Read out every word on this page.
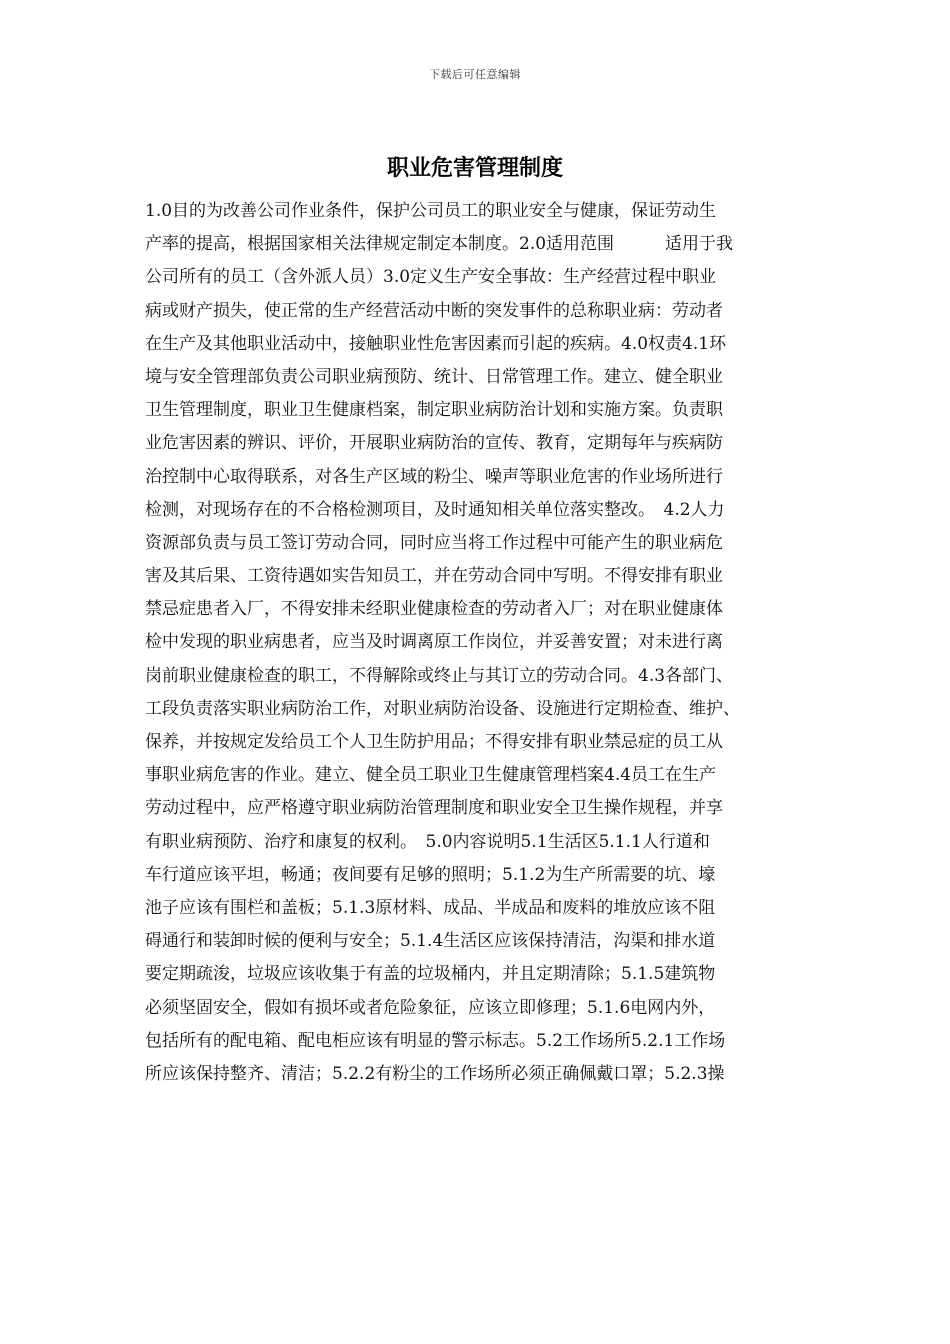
下载后可任意编辑
职业危害管理制度
1.0目的为改善公司作业条件，保护公司员工的职业安全与健康，保证劳动生
产率的提高，根据国家相关法律规定制定本制度。2.0适用范围　　　适用于我
公司所有的员工（含外派人员）3.0定义生产安全事故：生产经营过程中职业
病或财产损失，使正常的生产经营活动中断的突发事件的总称职业病：劳动者
在生产及其他职业活动中，接触职业性危害因素而引起的疾病。4.0权责4.1环
境与安全管理部负责公司职业病预防、统计、日常管理工作。建立、健全职业
卫生管理制度，职业卫生健康档案，制定职业病防治计划和实施方案。负责职
业危害因素的辨识、评价，开展职业病防治的宣传、教育，定期每年与疾病防
治控制中心取得联系，对各生产区域的粉尘、噪声等职业危害的作业场所进行
检测，对现场存在的不合格检测项目，及时通知相关单位落实整改。　4.2人力
资源部负责与员工签订劳动合同，同时应当将工作过程中可能产生的职业病危
害及其后果、工资待遇如实告知员工，并在劳动合同中写明。不得安排有职业
禁忌症患者入厂，不得安排未经职业健康检查的劳动者入厂；对在职业健康体
检中发现的职业病患者，应当及时调离原工作岗位，并妥善安置；对未进行离
岗前职业健康检查的职工，不得解除或终止与其订立的劳动合同。4.3各部门、
工段负责落实职业病防治工作，对职业病防治设备、设施进行定期检查、维护、
保养，并按规定发给员工个人卫生防护用品；不得安排有职业禁忌症的员工从
事职业病危害的作业。建立、健全员工职业卫生健康管理档案4.4员工在生产
劳动过程中，应严格遵守职业病防治管理制度和职业安全卫生操作规程，并享
有职业病预防、治疗和康复的权利。　5.0内容说明5.1生活区5.1.1人行道和
车行道应该平坦，畅通；夜间要有足够的照明；5.1.2为生产所需要的坑、壕
池子应该有围栏和盖板；5.1.3原材料、成品、半成品和废料的堆放应该不阻
碍通行和装卸时候的便利与安全；5.1.4生活区应该保持清洁，沟渠和排水道
要定期疏浚，垃圾应该收集于有盖的垃圾桶内，并且定期清除；5.1.5建筑物
必须坚固安全，假如有损坏或者危险象征，应该立即修理；5.1.6电网内外，
包括所有的配电箱、配电柜应该有明显的警示标志。5.2工作场所5.2.1工作场
所应该保持整齐、清洁；5.2.2有粉尘的工作场所必须正确佩戴口罩；5.2.3操
